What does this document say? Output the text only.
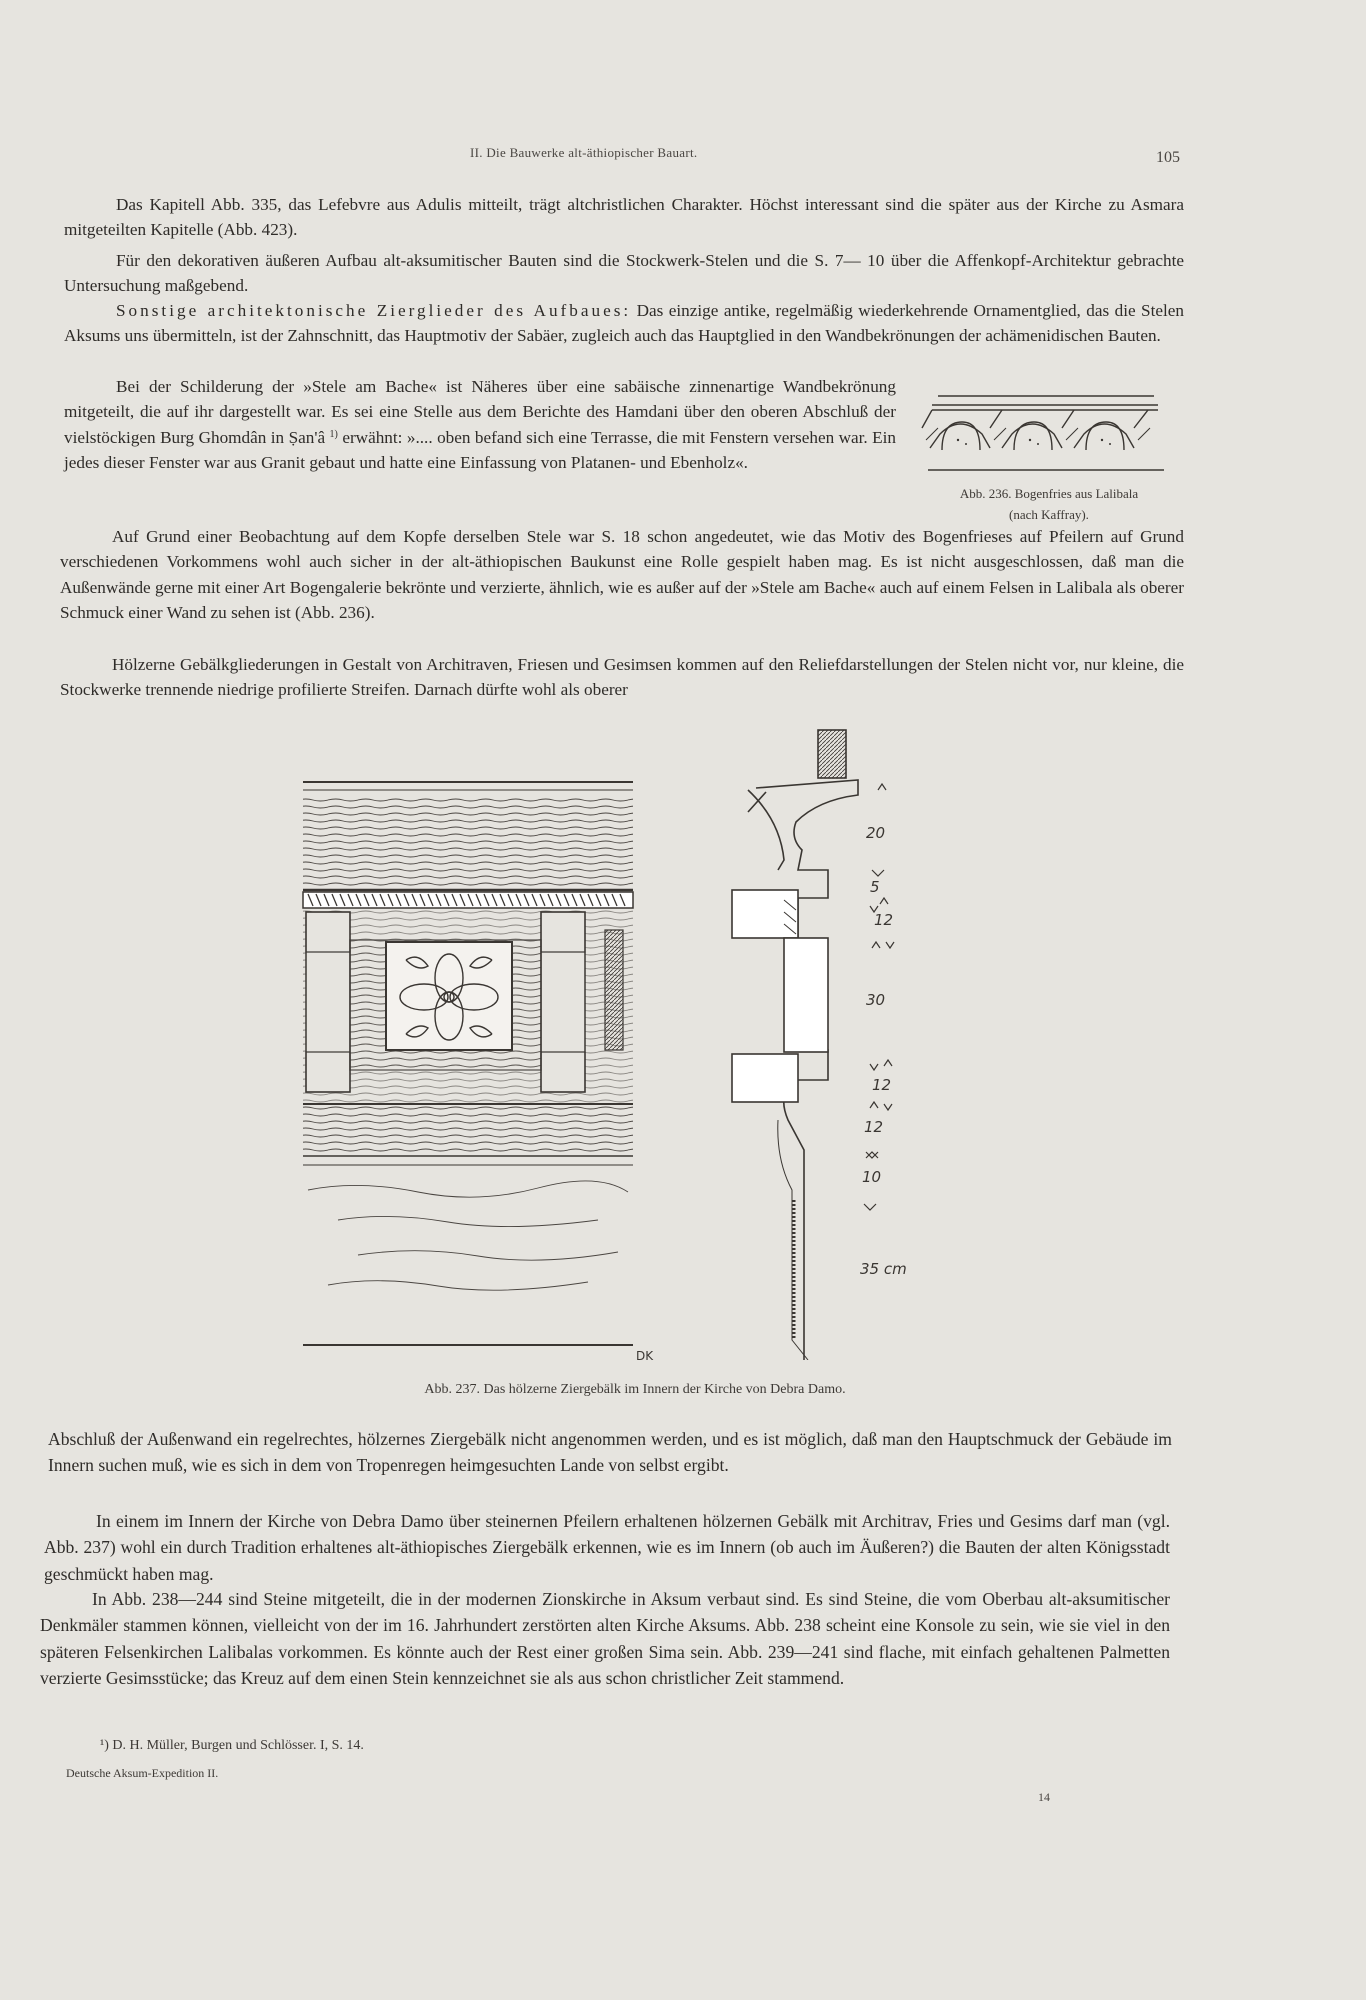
II. Die Bauwerke alt-äthiopischer Bauart.	105

Das Kapitell Abb. 335, das Lefebvre aus Adulis mitteilt, trägt altchristlichen Charakter. Höchst interessant sind die später aus der Kirche zu Asmara mitgeteilten Kapitelle (Abb. 423).

Für den dekorativen äußeren Aufbau alt-aksumitischer Bauten sind die Stockwerk-Stelen und die S. 7— 10 über die Affenkopf-Architektur gebrachte Untersuchung maßgebend.

Sonstige architektonische Zierglieder des Aufbaues: Das einzige antike, regelmäßig wiederkehrende Ornamentglied, das die Stelen Aksums uns übermitteln, ist der Zahnschnitt, das Hauptmotiv der Sabäer, zugleich auch das Hauptglied in den Wandbekrönungen der achämenidischen Bauten.

Bei der Schilderung der »Stele am Bache« ist Näheres über eine sabäische zinnenartige Wandbekrönung mitgeteilt, die auf ihr dargestellt war. Es sei eine Stelle aus dem Berichte des Hamdani über den oberen Abschluß der vielstöckigen Burg Ghomdân in Ṣan'â $^{1)}$ erwähnt: ».... oben befand sich eine Terrasse, die mit Fenstern versehen war. Ein jedes dieser Fenster war aus Granit gebaut und hatte eine Einfassung von Platanen- und Ebenholz«.

Auf Grund einer Beobachtung auf dem Kopfe derselben Stele war S. 18 schon angedeutet, wie das Motiv des Bogenfrieses auf Pfeilern auf Grund verschiedenen Vorkommens wohl auch sicher in der alt-äthiopischen Baukunst eine Rolle gespielt haben mag. Es ist nicht ausgeschlossen, daß man die Außenwände gerne mit einer Art Bogengalerie bekrönte und verzierte, ähnlich, wie es außer auf der »Stele am Bache« auch auf einem Felsen in Lalibala als oberer Schmuck einer Wand zu sehen ist (Abb. 236).

Hölzerne Gebälkgliederungen in Gestalt von Architraven, Friesen und Gesimsen kommen auf den Reliefdarstellungen der Stelen nicht vor, nur kleine, die Stockwerke trennende niedrige profilierte Streifen. Darnach dürfte wohl als oberer

Abb. 236. Bogenfries aus Lalibala
(nach Kaffray).
DK
20
5
12
30
12
12
10
35 cm
Abb. 237. Das hölzerne Ziergebälk im Innern der Kirche von Debra Damo.

Abschluß der Außenwand ein regelrechtes, hölzernes Ziergebälk nicht angenommen werden, und es ist möglich, daß man den Hauptschmuck der Gebäude im Innern suchen muß, wie es sich in dem von Tropenregen heimgesuchten Lande von selbst ergibt.

In einem im Innern der Kirche von Debra Damo über steinernen Pfeilern erhaltenen hölzernen Gebälk mit Architrav, Fries und Gesims darf man (vgl. Abb. 237) wohl ein durch Tradition erhaltenes alt-äthiopisches Ziergebälk erkennen, wie es im Innern (ob auch im Äußeren?) die Bauten der alten Königsstadt geschmückt haben mag.

In Abb. 238—244 sind Steine mitgeteilt, die in der modernen Zionskirche in Aksum verbaut sind. Es sind Steine, die vom Oberbau alt-aksumitischer Denkmäler stammen können, vielleicht von der im 16. Jahrhundert zerstörten alten Kirche Aksums. Abb. 238 scheint eine Konsole zu sein, wie sie viel in den späteren Felsenkirchen Lalibalas vorkommen. Es könnte auch der Rest einer großen Sima sein. Abb. 239—241 sind flache, mit einfach gehaltenen Palmetten verzierte Gesimsstücke; das Kreuz auf dem einen Stein kennzeichnet sie als aus schon christlicher Zeit stammend.

¹) D. H. Müller, Burgen und Schlösser. I, S. 14.
Deutsche Aksum-Expedition II.
14
